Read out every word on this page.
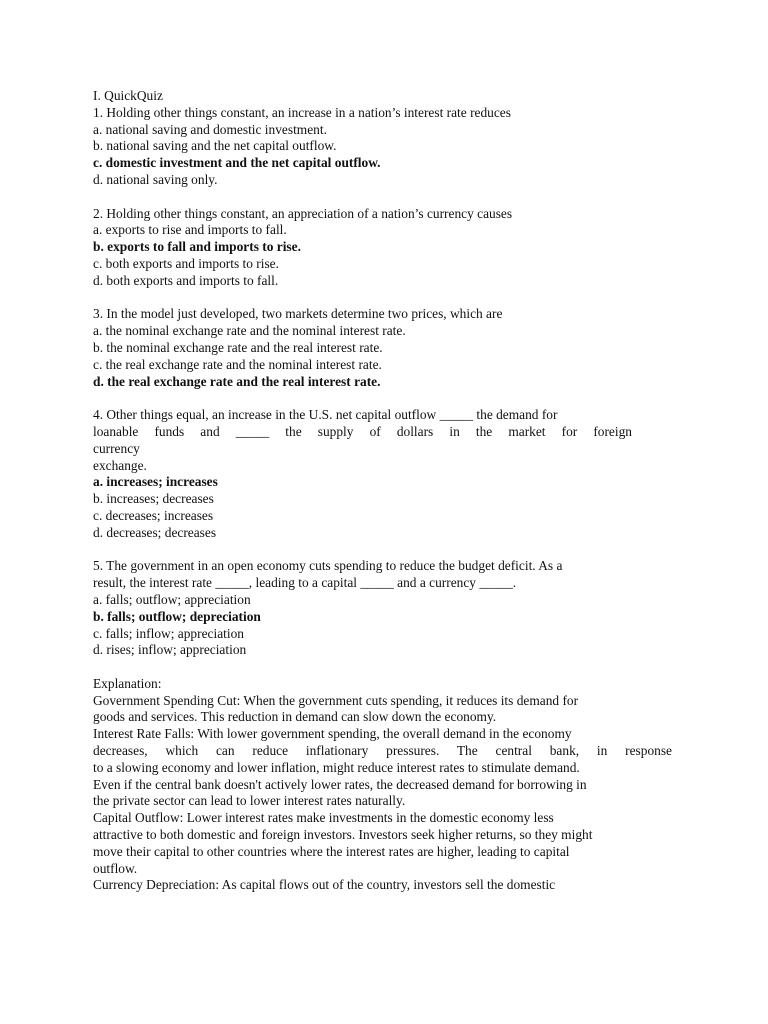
I. QuickQuiz

1. Holding other things constant, an increase in a nation’s interest rate reduces

a. national saving and domestic investment.

b. national saving and the net capital outflow.

c. domestic investment and the net capital outflow.

d. national saving only.

2. Holding other things constant, an appreciation of a nation’s currency causes

a. exports to rise and imports to fall.

b. exports to fall and imports to rise.

c. both exports and imports to rise.

d. both exports and imports to fall.

3. In the model just developed, two markets determine two prices, which are

a. the nominal exchange rate and the nominal interest rate.

b. the nominal exchange rate and the real interest rate.

c. the real exchange rate and the nominal interest rate.

d. the real exchange rate and the real interest rate.

4. Other things equal, an increase in the U.S. net capital outflow _____ the demand for

loanable funds and _____ the supply of dollars in the market for foreign

currency

exchange.

a. increases; increases

b. increases; decreases

c. decreases; increases

d. decreases; decreases

5. The government in an open economy cuts spending to reduce the budget deficit. As a

result, the interest rate _____, leading to a capital _____ and a currency _____.

a. falls; outflow; appreciation

b. falls; outflow; depreciation

c. falls; inflow; appreciation

d. rises; inflow; appreciation

Explanation:

Government Spending Cut: When the government cuts spending, it reduces its demand for

goods and services. This reduction in demand can slow down the economy.

Interest Rate Falls: With lower government spending, the overall demand in the economy

decreases, which can reduce inflationary pressures. The central bank, in response

to a slowing economy and lower inflation, might reduce interest rates to stimulate demand.

Even if the central bank doesn't actively lower rates, the decreased demand for borrowing in

the private sector can lead to lower interest rates naturally.

Capital Outflow: Lower interest rates make investments in the domestic economy less

attractive to both domestic and foreign investors. Investors seek higher returns, so they might

move their capital to other countries where the interest rates are higher, leading to capital

outflow.

Currency Depreciation: As capital flows out of the country, investors sell the domestic
